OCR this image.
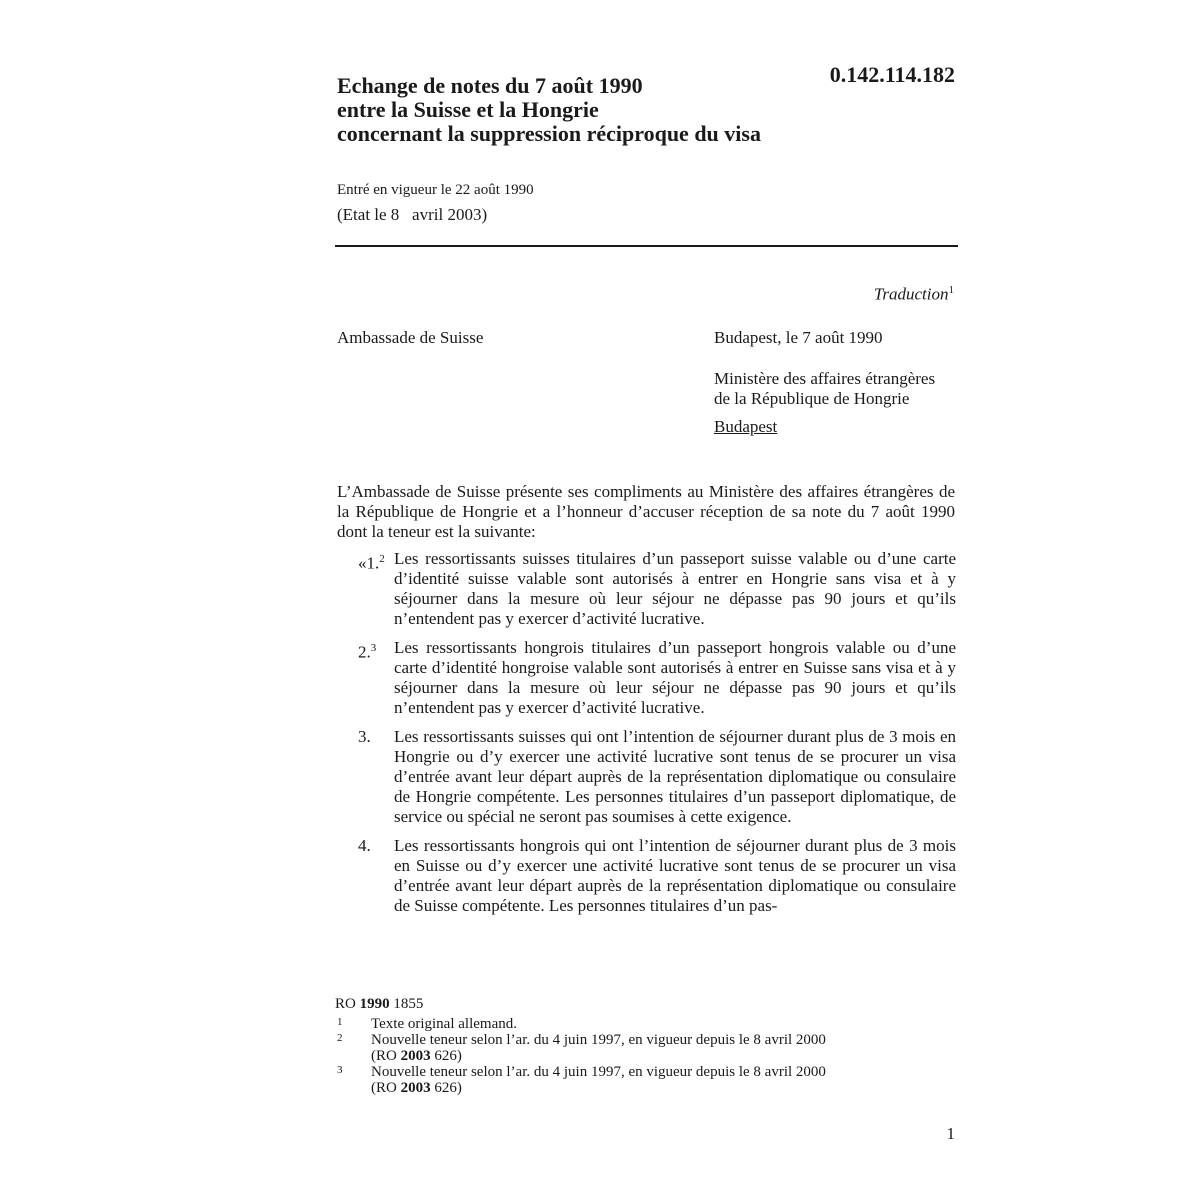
0.142.114.182
Echange de notes du 7 août 1990
entre la Suisse et la Hongrie
concernant la suppression réciproque du visa
Entré en vigueur le 22 août 1990
(Etat le 8   avril 2003)
Traduction$^1$
Ambassade de Suisse	Budapest, le 7 août 1990
Ministère des affaires étrangères
de la République de Hongrie
Budapest

L’Ambassade de Suisse présente ses compliments au Ministère des affaires étrangères de la République de Hongrie et a l’honneur d’accuser réception de sa note du 7 août 1990 dont la teneur est la suivante:

«1.$^2$ Les ressortissants suisses titulaires d’un passeport suisse valable ou d’une carte d’identité suisse valable sont autorisés à entrer en Hongrie sans visa et à y séjourner dans la mesure où leur séjour ne dépasse pas 90 jours et qu’ils n’entendent pas y exercer d’activité lucrative.
2.$^3$	Les ressortissants hongrois titulaires d’un passeport hongrois valable ou d’une carte d’identité hongroise valable sont autorisés à entrer en Suisse sans visa et à y séjourner dans la mesure où leur séjour ne dépasse pas 90 jours et qu’ils n’entendent pas y exercer d’activité lucrative.
3.	Les ressortissants suisses qui ont l’intention de séjourner durant plus de 3 mois en Hongrie ou d’y exercer une activité lucrative sont tenus de se procurer un visa d’entrée avant leur départ auprès de la représentation diplomatique ou consulaire de Hongrie compétente. Les personnes titulaires d’un passeport diplomatique, de service ou spécial ne seront pas soumises à cette exigence.
4.	Les ressortissants hongrois qui ont l’intention de séjourner durant plus de 3 mois en Suisse ou d’y exercer une activité lucrative sont tenus de se procurer un visa d’entrée avant leur départ auprès de la représentation diplomatique ou consulaire de Suisse compétente. Les personnes titulaires d’un pas-
RO 1990 1855
1	Texte original allemand.
2	Nouvelle teneur selon l’ar. du 4 juin 1997, en vigueur depuis le 8 avril 2000
(RO 2003 626)
3	Nouvelle teneur selon l’ar. du 4 juin 1997, en vigueur depuis le 8 avril 2000
(RO 2003 626)
1
